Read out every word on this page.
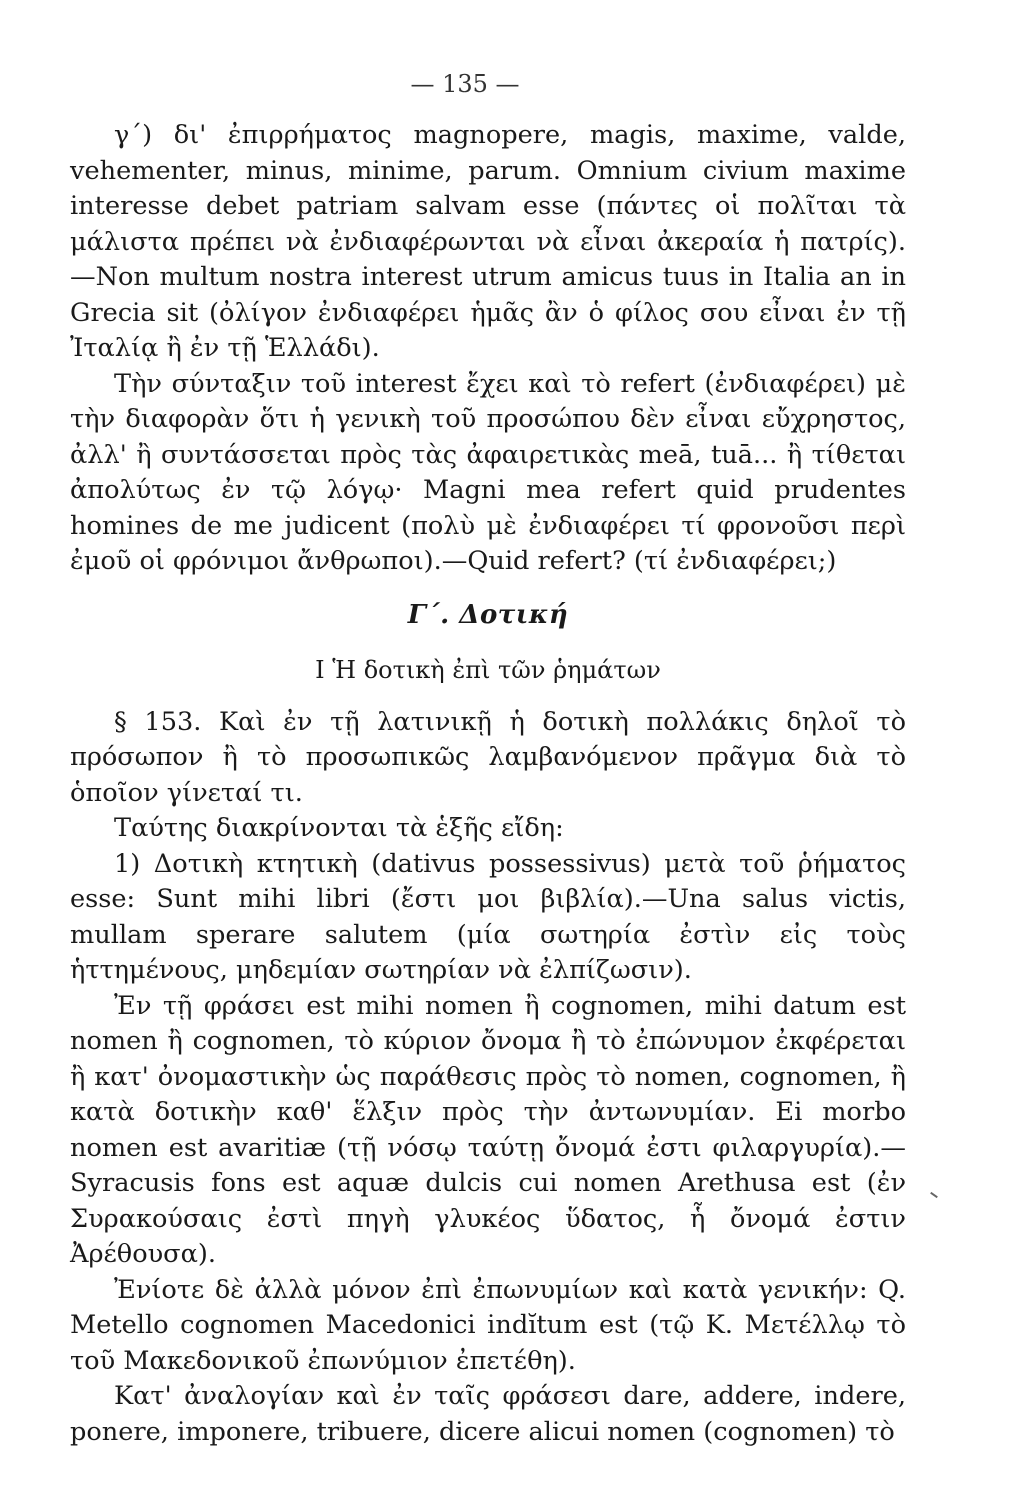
— 135 —

γ΄) δι' ἐπιρρήματος magnopere, magis, maxime, valde, vehementer, minus, minime, parum. Omnium civium maxime interesse debet patriam salvam esse (πάντες οἱ πολῖται τὰ μάλιστα πρέπει νὰ ἐνδιαφέρωνται νὰ εἶναι ἀκεραία ἡ πατρίς).—Non multum nostra interest utrum amicus tuus in Italia an in Grecia sit (ὀλίγον ἐνδιαφέρει ἡμᾶς ἂν ὁ φίλος σου εἶναι ἐν τῇ Ἰταλίᾳ ἢ ἐν τῇ Ἑλλάδι).

Τὴν σύνταξιν τοῦ interest ἔχει καὶ τὸ refert (ἐνδιαφέρει) μὲ τὴν διαφορὰν ὅτι ἡ γενικὴ τοῦ προσώπου δὲν εἶναι εὔχρηστος, ἀλλ' ἢ συντάσσεται πρὸς τὰς ἀφαιρετικὰς meā, tuā... ἢ τίθεται ἀπολύτως ἐν τῷ λόγῳ· Magni mea refert quid prudentes homines de me judicent (πολὺ μὲ ἐνδιαφέρει τί φρονοῦσι περὶ ἐμοῦ οἱ φρόνιμοι ἄνθρωποι).—Quid refert? (τί ἐνδιαφέρει;)

Γ΄. Δοτική
Ι Ἡ δοτικὴ ἐπὶ τῶν ῥημάτων

§ 153. Καὶ ἐν τῇ λατινικῇ ἡ δοτικὴ πολλάκις δηλοῖ τὸ πρόσωπον ἢ τὸ προσωπικῶς λαμβανόμενον πρᾶγμα διὰ τὸ ὁποῖον γίνεταί τι.

Ταύτης διακρίνονται τὰ ἑξῆς εἴδη:

1) Δοτικὴ κτητικὴ (dativus possessivus) μετὰ τοῦ ῥήματος esse: Sunt mihi libri (ἔστι μοι βιβλία).—Una salus victis, mullam sperare salutem (μία σωτηρία ἐστὶν εἰς τοὺς ἡττημένους, μηδεμίαν σωτηρίαν νὰ ἐλπίζωσιν).

Ἐν τῇ φράσει est mihi nomen ἢ cognomen, mihi datum est nomen ἢ cognomen, τὸ κύριον ὄνομα ἢ τὸ ἐπώνυμον ἐκφέρεται ἢ κατ' ὀνομαστικὴν ὡς παράθεσις πρὸς τὸ nomen, cognomen, ἢ κατὰ δοτικὴν καθ' ἕλξιν πρὸς τὴν ἀντωνυμίαν. Ei morbo nomen est avaritiæ (τῇ νόσῳ ταύτῃ ὄνομά ἐστι φιλαργυρία).—Syracusis fons est aquæ dulcis cui nomen Arethusa est (ἐν Συρακούσαις ἐστὶ πηγὴ γλυκέος ὕδατος, ἧ ὄνομά ἐστιν Ἀρέθουσα).

Ἐνίοτε δὲ ἀλλὰ μόνον ἐπὶ ἐπωνυμίων καὶ κατὰ γενικήν: Q. Metello cognomen Macedonici indĭtum est (τῷ Κ. Μετέλλῳ τὸ τοῦ Μακεδονικοῦ ἐπωνύμιον ἐπετέθη).

Κατ' ἀναλογίαν καὶ ἐν ταῖς φράσεσι dare, addere, indere, ponere, imponere, tribuere, dicere alicui nomen (cognomen) τὸ
